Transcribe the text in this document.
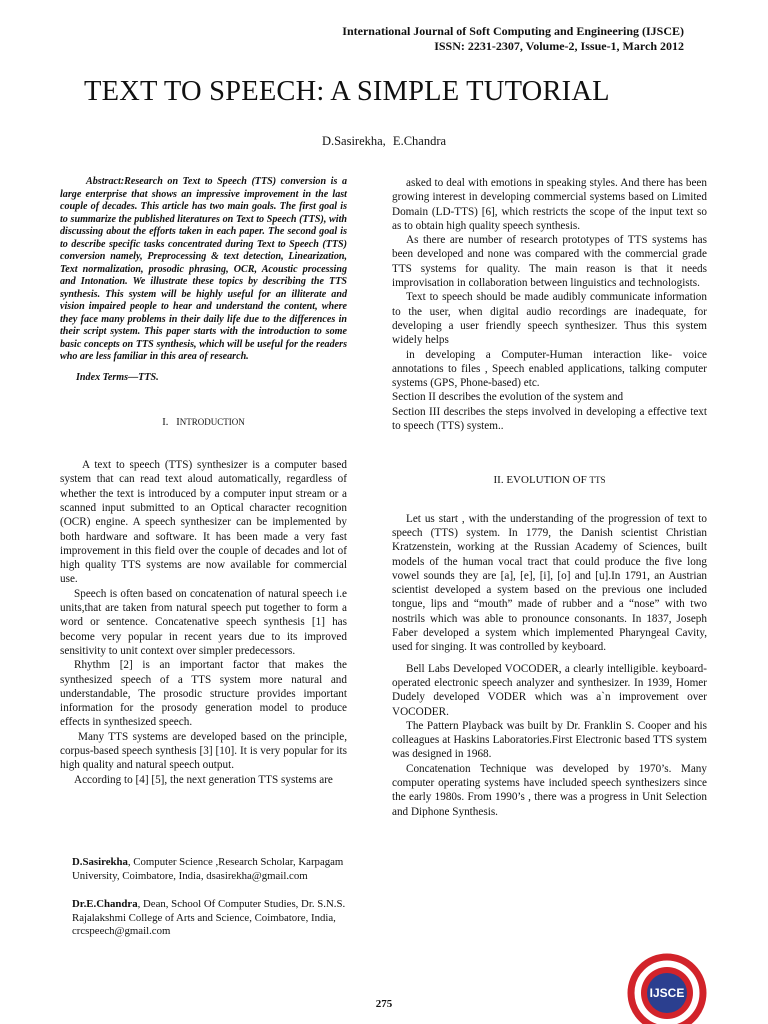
International Journal of Soft Computing and Engineering (IJSCE)
ISSN: 2231-2307, Volume-2, Issue-1, March 2012
TEXT TO SPEECH: A SIMPLE TUTORIAL
D.Sasirekha, E.Chandra

Abstract:Research on Text to Speech (TTS) conversion is a large enterprise that shows an impressive improvement in the last couple of decades. This article has two main goals. The first goal is to summarize the published literatures on Text to Speech (TTS), with discussing about the efforts taken in each paper. The second goal is to describe specific tasks concentrated during Text to Speech (TTS) conversion namely, Preprocessing & text detection, Linearization, Text normalization, prosodic phrasing, OCR, Acoustic processing and Intonation. We illustrate these topics by describing the TTS synthesis. This system will be highly useful for an illiterate and vision impaired people to hear and understand the content, where they face many problems in their daily life due to the differences in their script system. This paper starts with the introduction to some basic concepts on TTS synthesis, which will be useful for the readers who are less familiar in this area of research.

Index Terms—TTS.

I. INTRODUCTION

A text to speech (TTS) synthesizer is a computer based system that can read text aloud automatically, regardless of whether the text is introduced by a computer input stream or a scanned input submitted to an Optical character recognition (OCR) engine. A speech synthesizer can be implemented by both hardware and software. It has been made a very fast improvement in this field over the couple of decades and lot of high quality TTS systems are now available for commercial use.

Speech is often based on concatenation of natural speech i.e units,that are taken from natural speech put together to form a word or sentence. Concatenative speech synthesis [1] has become very popular in recent years due to its improved sensitivity to unit context over simpler predecessors.

Rhythm [2] is an important factor that makes the synthesized speech of a TTS system more natural and understandable, The prosodic structure provides important information for the prosody generation model to produce effects in synthesized speech.

Many TTS systems are developed based on the principle, corpus-based speech synthesis [3] [10]. It is very popular for its high quality and natural speech output.

According to [4] [5], the next generation TTS systems are

D.Sasirekha, Computer Science ,Research Scholar, Karpagam University, Coimbatore, India, dsasirekha@gmail.com
Dr.E.Chandra, Dean, School Of Computer Studies, Dr. S.N.S. Rajalakshmi College of Arts and Science, Coimbatore, India, crcspeech@gmail.com

asked to deal with emotions in speaking styles. And there has been growing interest in developing commercial systems based on Limited Domain (LD-TTS) [6], which restricts the scope of the input text so as to obtain high quality speech synthesis.

As there are number of research prototypes of TTS systems has been developed and none was compared with the commercial grade TTS systems for quality. The main reason is that it needs improvisation in collaboration between linguistics and technologists.

Text to speech should be made audibly communicate information to the user, when digital audio recordings are inadequate, for developing a user friendly speech synthesizer. Thus this system widely helps

in developing a Computer-Human interaction like- voice annotations to files , Speech enabled applications, talking computer systems (GPS, Phone-based) etc.

Section II describes the evolution of the system and

Section III describes the steps involved in developing a effective text to speech (TTS) system..

II. EVOLUTION OF TTS

Let us start , with the understanding of the progression of text to speech (TTS) system. In 1779, the Danish scientist Christian Kratzenstein, working at the Russian Academy of Sciences, built models of the human vocal tract that could produce the five long vowel sounds they are [a], [e], [i], [o] and [u].In 1791, an Austrian scientist developed a system based on the previous one included tongue, lips and “mouth” made of rubber and a “nose” with two nostrils which was able to pronounce consonants. In 1837, Joseph Faber developed a system which implemented Pharyngeal Cavity, used for singing. It was controlled by keyboard.

Bell Labs Developed VOCODER, a clearly intelligible. keyboard-operated electronic speech analyzer and synthesizer. In 1939, Homer Dudely developed VODER which was a`n improvement over VOCODER.

The Pattern Playback was built by Dr. Franklin S. Cooper and his colleagues at Haskins Laboratories.First Electronic based TTS system was designed in 1968.

Concatenation Technique was developed by 1970’s. Many computer operating systems have included speech synthesizers since the early 1980s. From 1990’s , there was a progress in Unit Selection and Diphone Synthesis.

275
IJSCE
